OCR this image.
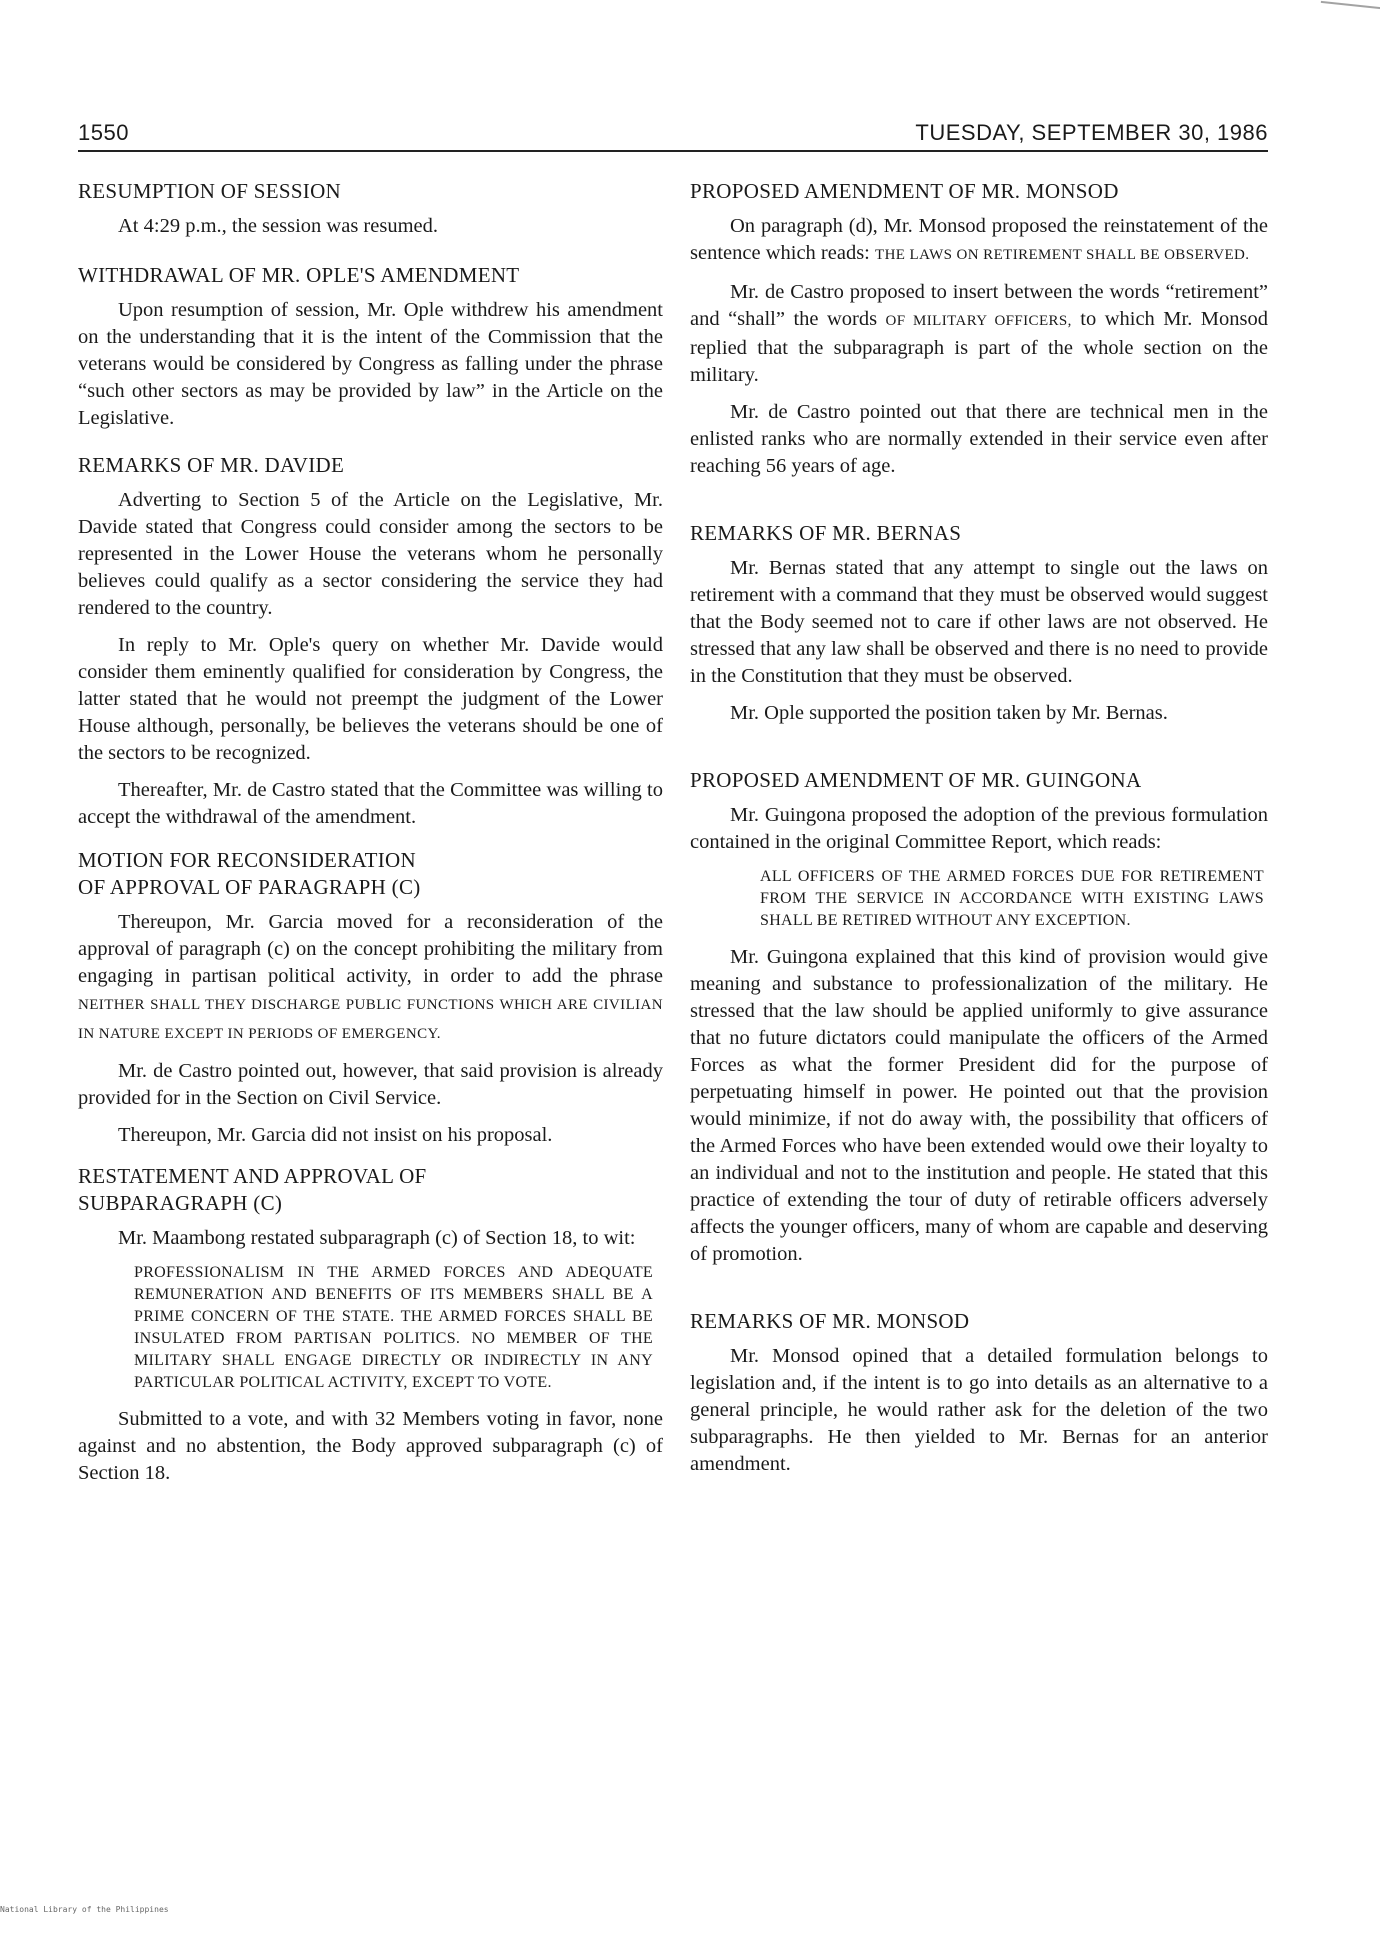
1550	TUESDAY, SEPTEMBER 30, 1986
RESUMPTION OF SESSION

At 4:29 p.m., the session was resumed.

WITHDRAWAL OF MR. OPLE'S AMENDMENT

Upon resumption of session, Mr. Ople withdrew his amendment on the understanding that it is the intent of the Commission that the veterans would be considered by Congress as falling under the phrase “such other sectors as may be provided by law” in the Article on the Legislative.

REMARKS OF MR. DAVIDE

Adverting to Section 5 of the Article on the Legislative, Mr. Davide stated that Congress could consider among the sectors to be represented in the Lower House the veterans whom he personally believes could qualify as a sector considering the service they had rendered to the country.

In reply to Mr. Ople's query on whether Mr. Davide would consider them eminently qualified for consideration by Congress, the latter stated that he would not preempt the judgment of the Lower House although, personally, be believes the veterans should be one of the sectors to be recognized.

Thereafter, Mr. de Castro stated that the Committee was willing to accept the withdrawal of the amendment.

MOTION FOR RECONSIDERATION
OF APPROVAL OF PARAGRAPH (C)

Thereupon, Mr. Garcia moved for a reconsideration of the approval of paragraph (c) on the concept prohibiting the military from engaging in partisan political activity, in order to add the phrase NEITHER SHALL THEY DISCHARGE PUBLIC FUNCTIONS WHICH ARE CIVILIAN IN NATURE EXCEPT IN PERIODS OF EMERGENCY.

Mr. de Castro pointed out, however, that said provision is already provided for in the Section on Civil Service.

Thereupon, Mr. Garcia did not insist on his proposal.

RESTATEMENT AND APPROVAL OF
SUBPARAGRAPH (C)

Mr. Maambong restated subparagraph (c) of Section 18, to wit:

PROFESSIONALISM IN THE ARMED FORCES AND ADEQUATE REMUNERATION AND BENEFITS OF ITS MEMBERS SHALL BE A PRIME CONCERN OF THE STATE. THE ARMED FORCES SHALL BE INSULATED FROM PARTISAN POLITICS. NO MEMBER OF THE MILITARY SHALL ENGAGE DIRECTLY OR INDIRECTLY IN ANY PARTICULAR POLITICAL ACTIVITY, EXCEPT TO VOTE.

Submitted to a vote, and with 32 Members voting in favor, none against and no abstention, the Body approved subparagraph (c) of Section 18.

PROPOSED AMENDMENT OF MR. MONSOD

On paragraph (d), Mr. Monsod proposed the reinstatement of the sentence which reads: THE LAWS ON RETIREMENT SHALL BE OBSERVED.

Mr. de Castro proposed to insert between the words “retirement” and “shall” the words OF MILITARY OFFICERS, to which Mr. Monsod replied that the subparagraph is part of the whole section on the military.

Mr. de Castro pointed out that there are technical men in the enlisted ranks who are normally extended in their service even after reaching 56 years of age.

REMARKS OF MR. BERNAS

Mr. Bernas stated that any attempt to single out the laws on retirement with a command that they must be observed would suggest that the Body seemed not to care if other laws are not observed. He stressed that any law shall be observed and there is no need to provide in the Constitution that they must be observed.

Mr. Ople supported the position taken by Mr. Bernas.

PROPOSED AMENDMENT OF MR. GUINGONA

Mr. Guingona proposed the adoption of the previous formulation contained in the original Committee Report, which reads:

ALL OFFICERS OF THE ARMED FORCES DUE FOR RETIREMENT FROM THE SERVICE IN ACCORDANCE WITH EXISTING LAWS SHALL BE RETIRED WITHOUT ANY EXCEPTION.

Mr. Guingona explained that this kind of provision would give meaning and substance to professionalization of the military. He stressed that the law should be applied uniformly to give assurance that no future dictators could manipulate the officers of the Armed Forces as what the former President did for the purpose of perpetuating himself in power. He pointed out that the provision would minimize, if not do away with, the possibility that officers of the Armed Forces who have been extended would owe their loyalty to an individual and not to the institution and people. He stated that this practice of extending the tour of duty of retirable officers adversely affects the younger officers, many of whom are capable and deserving of promotion.

REMARKS OF MR. MONSOD

Mr. Monsod opined that a detailed formulation belongs to legislation and, if the intent is to go into details as an alternative to a general principle, he would rather ask for the deletion of the two subparagraphs. He then yielded to Mr. Bernas for an anterior amendment.

National Library of the Philippines
